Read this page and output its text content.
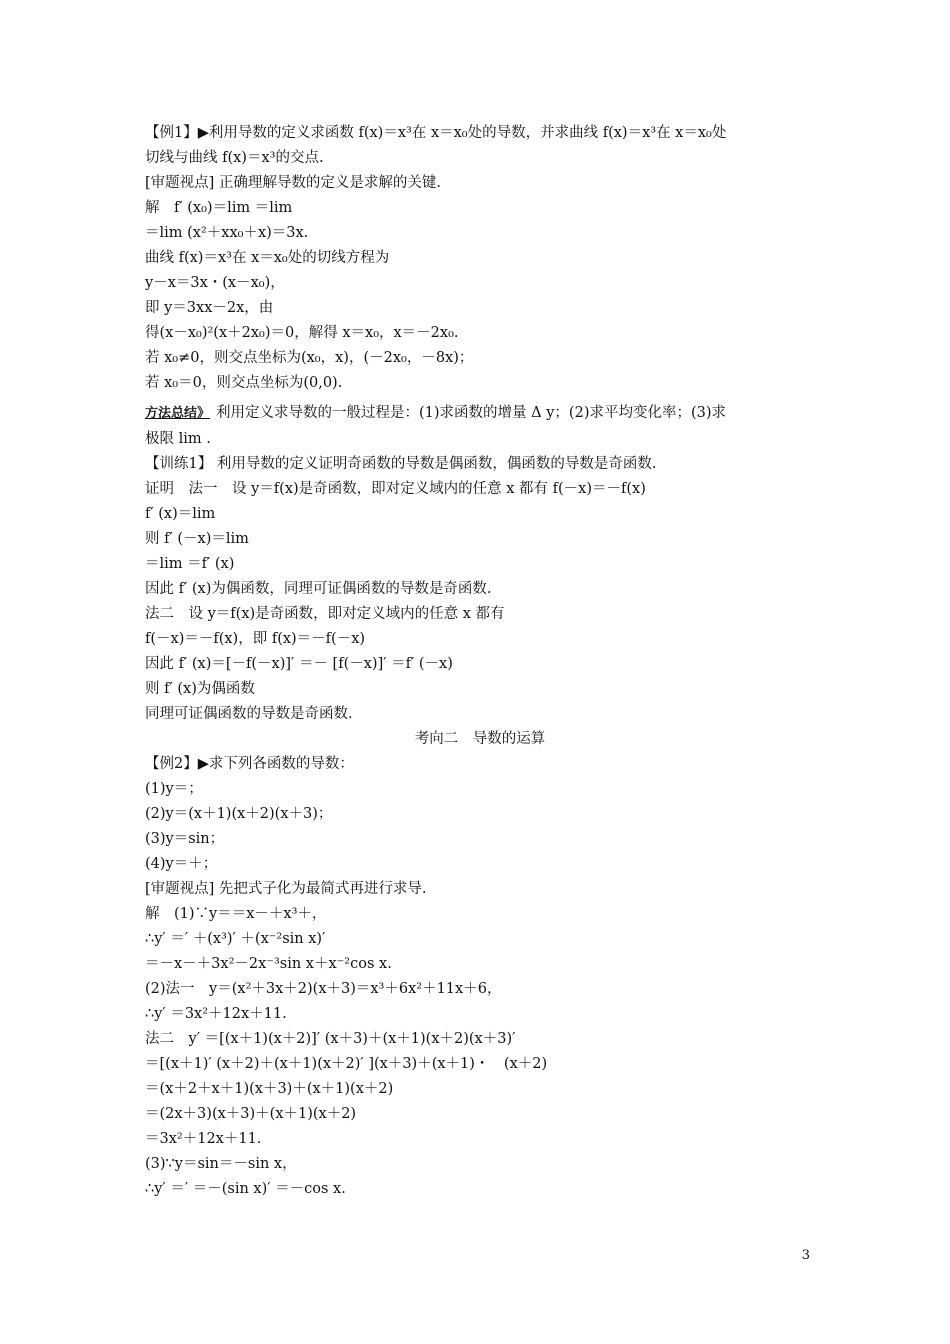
【例1】▶利用导数的定义求函数 f(x)＝x³在 x＝x₀处的导数，并求曲线 f(x)＝x³在 x＝x₀处
切线与曲线 f(x)＝x³的交点.
[审题视点] 正确理解导数的定义是求解的关键.
解　f′ (x₀)＝lim ＝lim
＝lim (x²＋xx₀＋x)＝3x.
曲线 f(x)＝x³在 x＝x₀处的切线方程为
y－x＝3x・(x－x₀)，
即 y＝3xx－2x，由
得(x－x₀)²(x＋2x₀)＝0，解得 x＝x₀，x＝－2x₀.
若 x₀≠0，则交点坐标为(x₀，x)，(－2x₀，－8x)；
若 x₀＝0，则交点坐标为(0,0).
方法总结》 利用定义求导数的一般过程是：(1)求函数的增量 Δ y；(2)求平均变化率；(3)求
极限 lim .
【训练1】 利用导数的定义证明奇函数的导数是偶函数，偶函数的导数是奇函数.
证明　法一　设 y＝f(x)是奇函数，即对定义域内的任意 x 都有 f(－x)＝－f(x)
f′ (x)＝lim
则 f′ (－x)＝lim
＝lim ＝f′ (x)
因此 f′ (x)为偶函数，同理可证偶函数的导数是奇函数.
法二　设 y＝f(x)是奇函数，即对定义域内的任意 x 都有
f(－x)＝－f(x)，即 f(x)＝－f(－x)
因此 f′ (x)＝[－f(－x)]′ ＝－ [f(－x)]′ ＝f′ (－x)
则 f′ (x)为偶函数
同理可证偶函数的导数是奇函数.
考向二　导数的运算
【例2】▶求下列各函数的导数：
(1)y＝；
(2)y＝(x＋1)(x＋2)(x＋3)；
(3)y＝sin；
(4)y＝＋；
[审题视点] 先把式子化为最简式再进行求导.
解　(1)∵y＝＝x－＋x³＋，
∴y′ ＝′ ＋(x³)′ ＋(x⁻²sin x)′
＝－x－＋3x²－2x⁻³sin x＋x⁻²cos x.
(2)法一　y＝(x²＋3x＋2)(x＋3)＝x³＋6x²＋11x＋6，
∴y′ ＝3x²＋12x＋11.
法二　y′ ＝[(x＋1)(x＋2)]′ (x＋3)＋(x＋1)(x＋2)(x＋3)′
＝[(x＋1)′ (x＋2)＋(x＋1)(x＋2)′ ](x＋3)＋(x＋1)・　(x＋2)
＝(x＋2＋x＋1)(x＋3)＋(x＋1)(x＋2)
＝(2x＋3)(x＋3)＋(x＋1)(x＋2)
＝3x²＋12x＋11.
(3)∵y＝sin＝－sin x，
∴y′ ＝′ ＝－(sin x)′ ＝－cos x.
3
